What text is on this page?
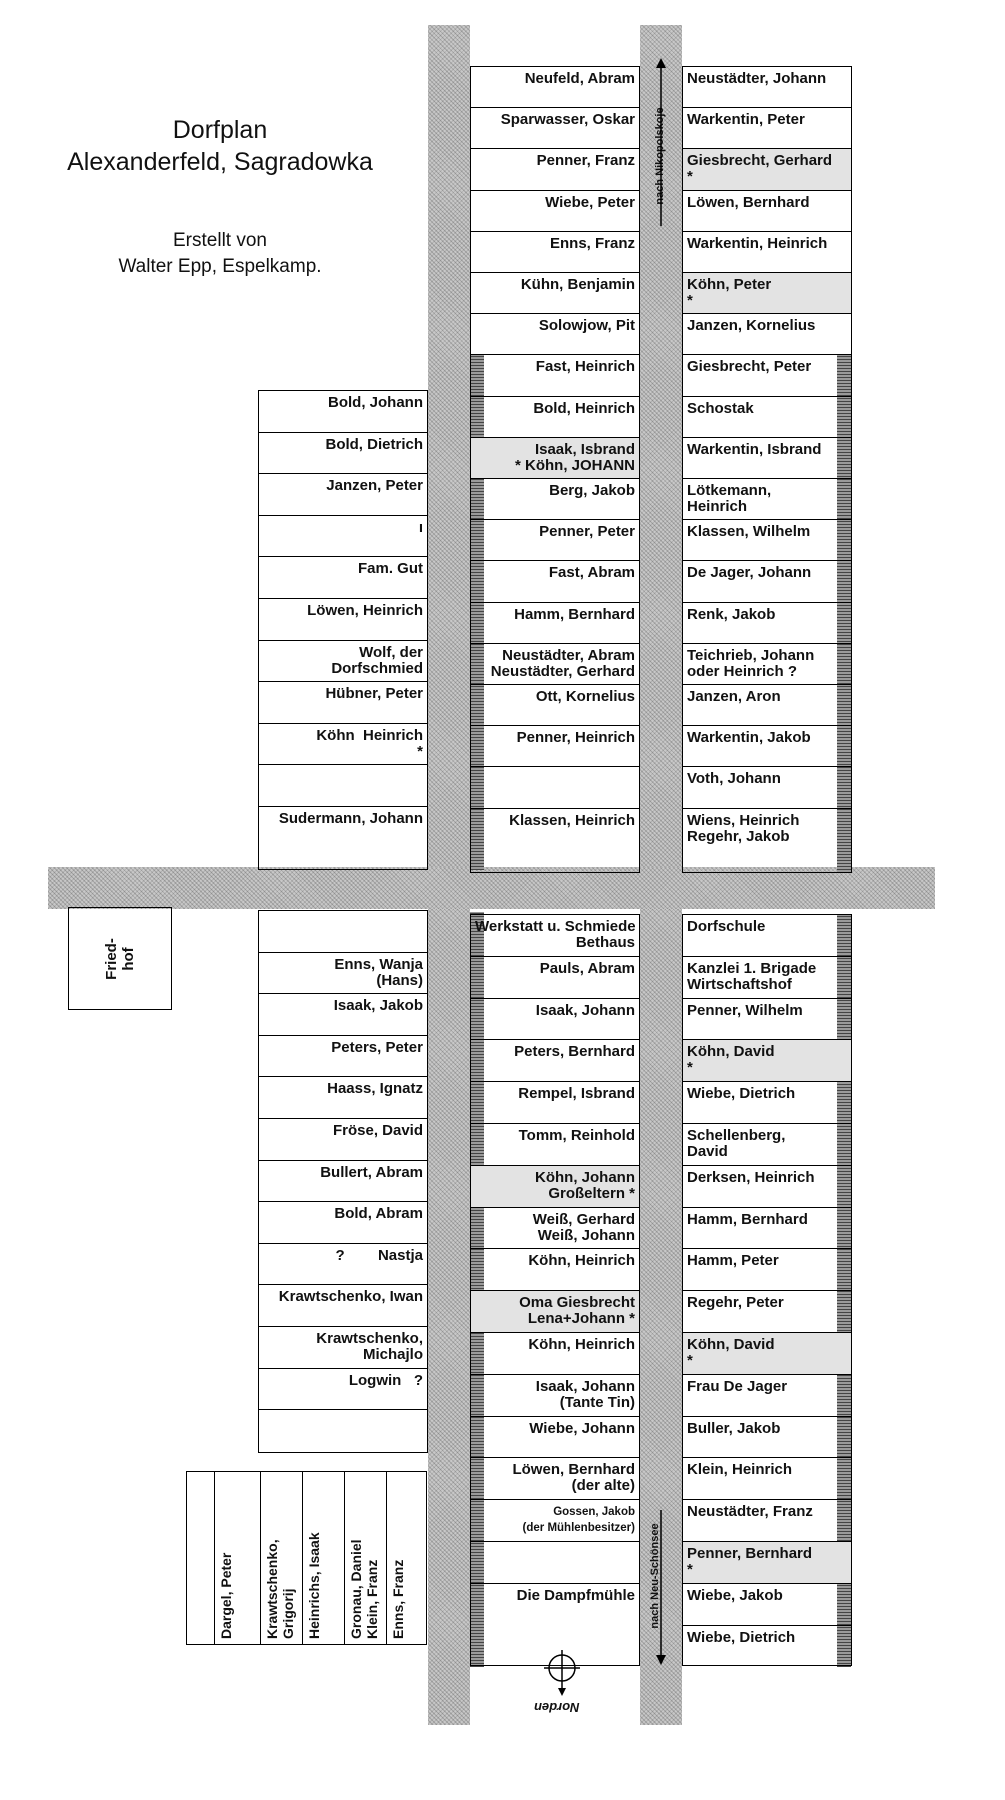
Dorfplan
Alexanderfeld, Sagradowka
Erstellt von
Walter Epp, Espelkamp.
Bold, Johann
Bold, Dietrich
Janzen, Peter
ı
Fam. Gut
Löwen, Heinrich
Wolf, der
Dorfschmied
Hübner, Peter
Köhn  Heinrich
*
Sudermann, Johann
Neufeld, Abram
Sparwasser, Oskar
Penner, Franz
Wiebe, Peter
Enns, Franz
Kühn, Benjamin
Solowjow, Pit
Fast, Heinrich
Bold, Heinrich
Isaak, Isbrand
* Köhn, JOHANN
Berg, Jakob
Penner, Peter
Fast, Abram
Hamm, Bernhard
Neustädter, Abram
Neustädter, Gerhard
Ott, Kornelius
Penner, Heinrich
Klassen, Heinrich
Neustädter, Johann
Warkentin, Peter
Giesbrecht, Gerhard
*
Löwen, Bernhard
Warkentin, Heinrich
Köhn, Peter
*
Janzen, Kornelius
Giesbrecht, Peter
Schostak
Warkentin, Isbrand
Lötkemann,
Heinrich
Klassen, Wilhelm
De Jager, Johann
Renk, Jakob
Teichrieb, Johann
oder Heinrich ?
Janzen, Aron
Warkentin, Jakob
Voth, Johann
Wiens, Heinrich
Regehr, Jakob
Enns, Wanja
(Hans)
Isaak, Jakob
Peters, Peter
Haass, Ignatz
Fröse, David
Bullert, Abram
Bold, Abram
?        Nastja
Krawtschenko, Iwan
Krawtschenko,
Michajlo
Logwin   ?
Werkstatt u. Schmiede
Bethaus
Pauls, Abram
Isaak, Johann
Peters, Bernhard
Rempel, Isbrand
Tomm, Reinhold
Köhn, Johann
Großeltern *
Weiß, Gerhard
Weiß, Johann
Köhn, Heinrich
Oma Giesbrecht
Lena+Johann *
Köhn, Heinrich
Isaak, Johann
(Tante Tin)
Wiebe, Johann
Löwen, Bernhard
(der alte)
Gossen, Jakob
(der Mühlenbesitzer)
Die Dampfmühle
Dorfschule
Kanzlei 1. Brigade
Wirtschaftshof
Penner, Wilhelm
Köhn, David
*
Wiebe, Dietrich
Schellenberg,
David
Derksen, Heinrich
Hamm, Bernhard
Hamm, Peter
Regehr, Peter
Köhn, David
*
Frau De Jager
Buller, Jakob
Klein, Heinrich
Neustädter, Franz
Penner, Bernhard
*
Wiebe, Jakob
Wiebe, Dietrich
Fried-
hof
nach Nikopolskoje
nach Neu-Schönsee
Dargel, Peter Krawtschenko,
Grigorij Heinrichs, Isaak Gronau, Daniel
Klein, Franz Enns, Franz
Norden
